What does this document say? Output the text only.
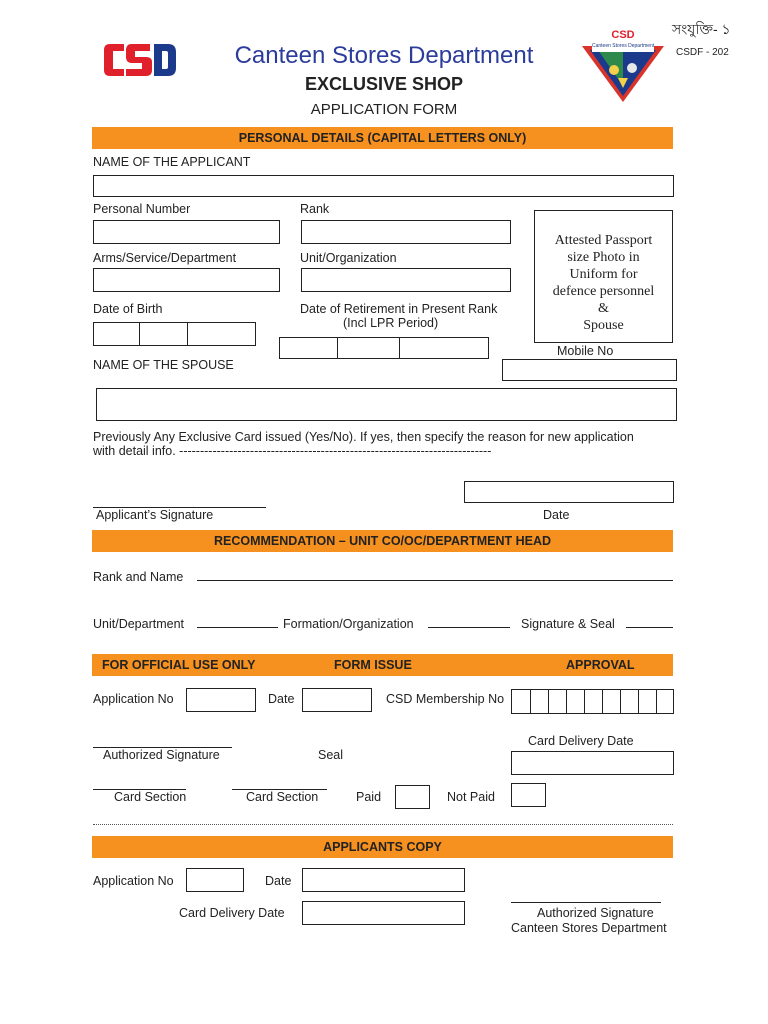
Canteen Stores Department
EXCLUSIVE SHOP
APPLICATION FORM
CSD
Canteen Stores Department
সংযুক্তি- ১
CSDF - 202
PERSONAL DETAILS (CAPITAL LETTERS ONLY)
NAME OF THE APPLICANT
Personal Number	Rank
Arms/Service/Department	Unit/Organization
Date of Birth	Date of Retirement in Present Rank
(Incl LPR Period)
Attested Passport
size Photo in
Uniform for
defence personnel
&
Spouse
Mobile No
NAME OF THE SPOUSE
Previously Any Exclusive Card issued (Yes/No). If yes, then specify the reason for new application
with detail info. ---------------------------------------------------------------------------
Applicant’s Signature	Date
RECOMMENDATION – UNIT CO/OC/DEPARTMENT HEAD
Rank and Name
Unit/Department	Formation/Organization	Signature & Seal
FOR OFFICIAL USE ONLY	FORM ISSUE	APPROVAL
Application No	Date	CSD Membership No
Authorized Signature	Seal
Card Delivery Date
Card Section	Card Section	Paid	Not Paid
APPLICANTS COPY
Application No	Date
Card Delivery Date	Authorized Signature
Canteen Stores Department
